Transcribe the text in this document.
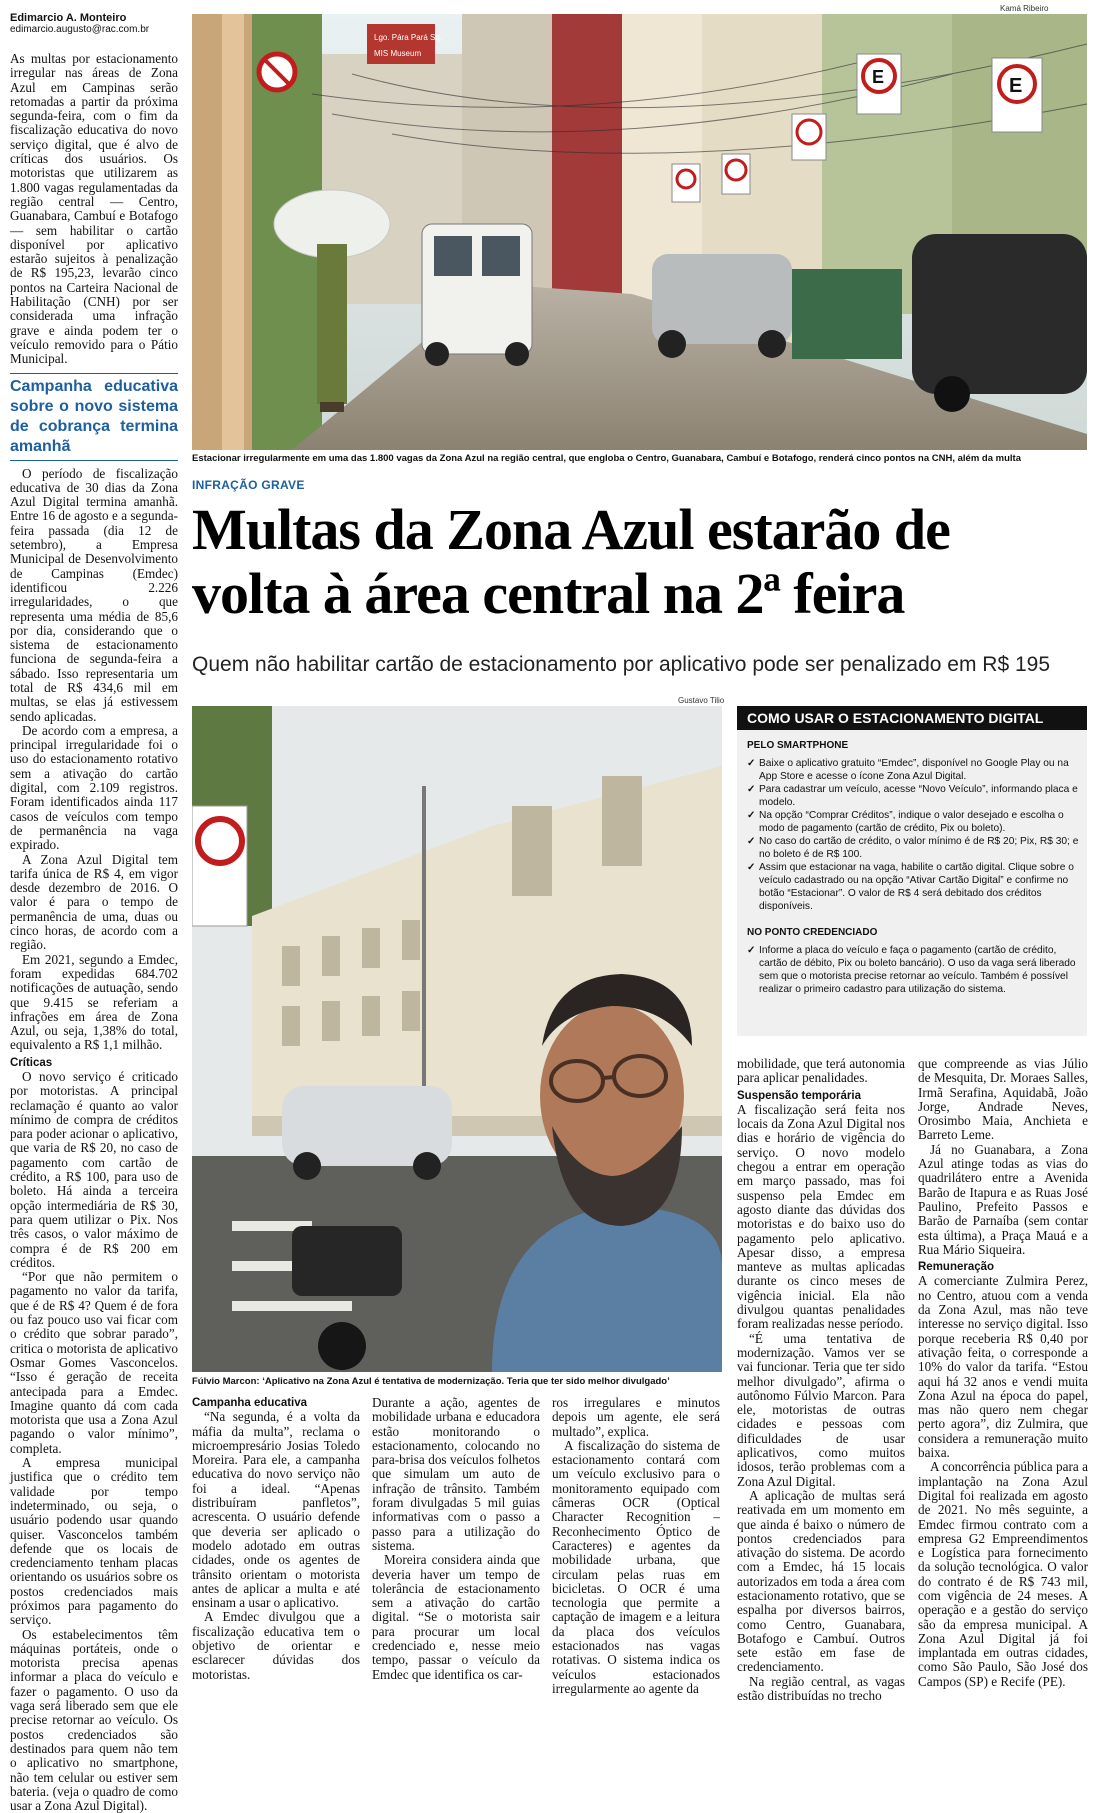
Edimarcio A. Monteiro
edimarcio.augusto@rac.com.br

As multas por estacionamento irregular nas áreas de Zona Azul em Campinas serão retomadas a partir da próxima segunda-feira, com o fim da fiscalização educativa do novo serviço digital, que é alvo de críticas dos usuários. Os motoristas que utilizarem as 1.800 vagas regulamentadas da região central — Centro, Guanabara, Cambuí e Botafogo — sem habilitar o cartão disponível por aplicativo estarão sujeitos à penalização de R$ 195,23, levarão cinco pontos na Carteira Nacional de Habilitação (CNH) por ser considerada uma infração grave e ainda podem ter o veículo removido para o Pátio Municipal.

Campanha educativa sobre o novo sistema de cobrança termina amanhã

O período de fiscalização educativa de 30 dias da Zona Azul Digital termina amanhã. Entre 16 de agosto e a segunda-feira passada (dia 12 de setembro), a Empresa Municipal de Desenvolvimento de Campinas (Emdec) identificou 2.226 irregularidades, o que representa uma média de 85,6 por dia, considerando que o sistema de estacionamento funciona de segunda-feira a sábado. Isso representaria um total de R$ 434,6 mil em multas, se elas já estivessem sendo aplicadas.

De acordo com a empresa, a principal irregularidade foi o uso do estacionamento rotativo sem a ativação do cartão digital, com 2.109 registros. Foram identificados ainda 117 casos de veículos com tempo de permanência na vaga expirado.

A Zona Azul Digital tem tarifa única de R$ 4, em vigor desde dezembro de 2016. O valor é para o tempo de permanência de uma, duas ou cinco horas, de acordo com a região.

Em 2021, segundo a Emdec, foram expedidas 684.702 notificações de autuação, sendo que 9.415 se referiam a infrações em área de Zona Azul, ou seja, 1,38% do total, equivalento a R$ 1,1 milhão.

Críticas

O novo serviço é criticado por motoristas. A principal reclamação é quanto ao valor mínimo de compra de créditos para poder acionar o aplicativo, que varia de R$ 20, no caso de pagamento com cartão de crédito, a R$ 100, para uso de boleto. Há ainda a terceira opção intermediária de R$ 30, para quem utilizar o Pix. Nos três casos, o valor máximo de compra é de R$ 200 em créditos.

“Por que não permitem o pagamento no valor da tarifa, que é de R$ 4? Quem é de fora ou faz pouco uso vai ficar com o crédito que sobrar parado”, critica o motorista de aplicativo Osmar Gomes Vasconcelos. “Isso é geração de receita antecipada para a Emdec. Imagine quanto dá com cada motorista que usa a Zona Azul pagando o valor mínimo”, completa.

A empresa municipal justifica que o crédito tem validade por tempo indeterminado, ou seja, o usuário podendo usar quando quiser. Vasconcelos também defende que os locais de credenciamento tenham placas orientando os usuários sobre os postos credenciados mais próximos para pagamento do serviço.

Os estabelecimentos têm máquinas portáteis, onde o motorista precisa apenas informar a placa do veículo e fazer o pagamento. O uso da vaga será liberado sem que ele precise retornar ao veículo. Os postos credenciados são destinados para quem não tem o aplicativo no smartphone, não tem celular ou estiver sem bateria. (veja o quadro de como usar a Zona Azul Digital).

Kamá Ribeiro
Lgo. Pára Pará Sq.
MIS Museum
E	E
Estacionar irregularmente em uma das 1.800 vagas da Zona Azul na região central, que engloba o Centro, Guanabara, Cambuí e Botafogo, renderá cinco pontos na CNH, além da multa
INFRAÇÃO GRAVE
Multas da Zona Azul estarão de
volta à área central na 2ª feira
Quem não habilitar cartão de estacionamento por aplicativo pode ser penalizado em R$ 195
Gustavo Tilio
Fúlvio Marcon: ‘Aplicativo na Zona Azul é tentativa de modernização. Teria que ter sido melhor divulgado’
COMO USAR O ESTACIONAMENTO DIGITAL
PELO SMARTPHONE
✓ Baixe o aplicativo gratuito “Emdec”, disponível no Google Play ou na App Store e acesse o ícone Zona Azul Digital.
✓ Para cadastrar um veículo, acesse “Novo Veículo”, informando placa e modelo.
✓ Na opção “Comprar Créditos”, indique o valor desejado e escolha o modo de pagamento (cartão de crédito, Pix ou boleto).
✓ No caso do cartão de crédito, o valor mínimo é de R$ 20; Pix, R$ 30; e no boleto é de R$ 100.
✓ Assim que estacionar na vaga, habilite o cartão digital. Clique sobre o veículo cadastrado ou na opção “Ativar Cartão Digital” e confirme no botão “Estacionar”. O valor de R$ 4 será debitado dos créditos disponíveis.
NO PONTO CREDENCIADO
✓ Informe a placa do veículo e faça o pagamento (cartão de crédito, cartão de débito, Pix ou boleto bancário). O uso da vaga será liberado sem que o motorista precise retornar ao veículo. Também é possível realizar o primeiro cadastro para utilização do sistema.
Campanha educativa

“Na segunda, é a volta da máfia da multa”, reclama o microempresário Josias Toledo Moreira. Para ele, a campanha educativa do novo serviço não foi a ideal. “Apenas distribuíram panfletos”, acrescenta. O usuário defende que deveria ser aplicado o modelo adotado em outras cidades, onde os agentes de trânsito orientam o motorista antes de aplicar a multa e até ensinam a usar o aplicativo.

A Emdec divulgou que a fiscalização educativa tem o objetivo de orientar e esclarecer dúvidas dos motoristas.

Durante a ação, agentes de mobilidade urbana e educadora estão monitorando o estacionamento, colocando no para-brisa dos veículos folhetos que simulam um auto de infração de trânsito. Também foram divulgadas 5 mil guias informativas com o passo a passo para a utilização do sistema.

Moreira considera ainda que deveria haver um tempo de tolerância de estacionamento sem a ativação do cartão digital. “Se o motorista sair para procurar um local credenciado e, nesse meio tempo, passar o veículo da Emdec que identifica os car-

ros irregulares e minutos depois um agente, ele será multado”, explica.

A fiscalização do sistema de estacionamento contará com um veículo exclusivo para o monitoramento equipado com câmeras OCR (Optical Character Recognition – Reconhecimento Óptico de Caracteres) e agentes da mobilidade urbana, que circulam pelas ruas em bicicletas. O OCR é uma tecnologia que permite a captação de imagem e a leitura da placa dos veículos estacionados nas vagas rotativas. O sistema indica os veículos estacionados irregularmente ao agente da

mobilidade, que terá autonomia para aplicar penalidades.

Suspensão temporária

A fiscalização será feita nos locais da Zona Azul Digital nos dias e horário de vigência do serviço. O novo modelo chegou a entrar em operação em março passado, mas foi suspenso pela Emdec em agosto diante das dúvidas dos motoristas e do baixo uso do pagamento pelo aplicativo. Apesar disso, a empresa manteve as multas aplicadas durante os cinco meses de vigência inicial. Ela não divulgou quantas penalidades foram realizadas nesse período.

“É uma tentativa de modernização. Vamos ver se vai funcionar. Teria que ter sido melhor divulgado”, afirma o autônomo Fúlvio Marcon. Para ele, motoristas de outras cidades e pessoas com dificuldades de usar aplicativos, como muitos idosos, terão problemas com a Zona Azul Digital.

A aplicação de multas será reativada em um momento em que ainda é baixo o número de pontos credenciados para ativação do sistema. De acordo com a Emdec, há 15 locais autorizados em toda a área com estacionamento rotativo, que se espalha por diversos bairros, como Centro, Guanabara, Botafogo e Cambuí. Outros sete estão em fase de credenciamento.

Na região central, as vagas estão distribuídas no trecho

que compreende as vias Júlio de Mesquita, Dr. Moraes Salles, Irmã Serafina, Aquidabã, João Jorge, Andrade Neves, Orosimbo Maia, Anchieta e Barreto Leme.

Já no Guanabara, a Zona Azul atinge todas as vias do quadrilátero entre a Avenida Barão de Itapura e as Ruas José Paulino, Prefeito Passos e Barão de Parnaíba (sem contar esta última), a Praça Mauá e a Rua Mário Siqueira.

Remuneração

A comerciante Zulmira Perez, no Centro, atuou com a venda da Zona Azul, mas não teve interesse no serviço digital. Isso porque receberia R$ 0,40 por ativação feita, o corresponde a 10% do valor da tarifa. “Estou aqui há 32 anos e vendi muita Zona Azul na época do papel, mas não quero nem chegar perto agora”, diz Zulmira, que considera a remuneração muito baixa.

A concorrência pública para a implantação na Zona Azul Digital foi realizada em agosto de 2021. No mês seguinte, a Emdec firmou contrato com a empresa G2 Empreendimentos e Logística para fornecimento da solução tecnológica. O valor do contrato é de R$ 743 mil, com vigência de 24 meses. A operação e a gestão do serviço são da empresa municipal. A Zona Azul Digital já foi implantada em outras cidades, como São Paulo, São José dos Campos (SP) e Recife (PE).
